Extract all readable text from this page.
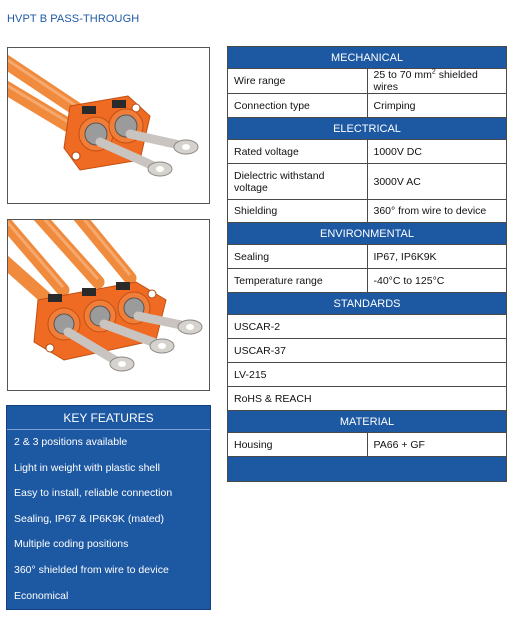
HVPT B PASS-THROUGH
KEY FEATURES
2 & 3 positions available
Light in weight with plastic shell
Easy to install, reliable connection
Sealing, IP67 & IP6K9K (mated)
Multiple coding positions
360° shielded from wire to device
Economical
MECHANICAL	
Wire range	25 to 70 $mm^2$ shielded wires
Connection type	Crimping
ELECTRICAL	
Rated voltage	1000V DC
Dielectric withstand voltage	3000V AC
Shielding	360° from wire to device
ENVIRONMENTAL	
Sealing	IP67, IP6K9K
Temperature range	-40°C to 125°C
STANDARDS	
USCAR-2	
USCAR-37	
LV-215	
RoHS & REACH	
MATERIAL	
Housing	PA66 + GF
